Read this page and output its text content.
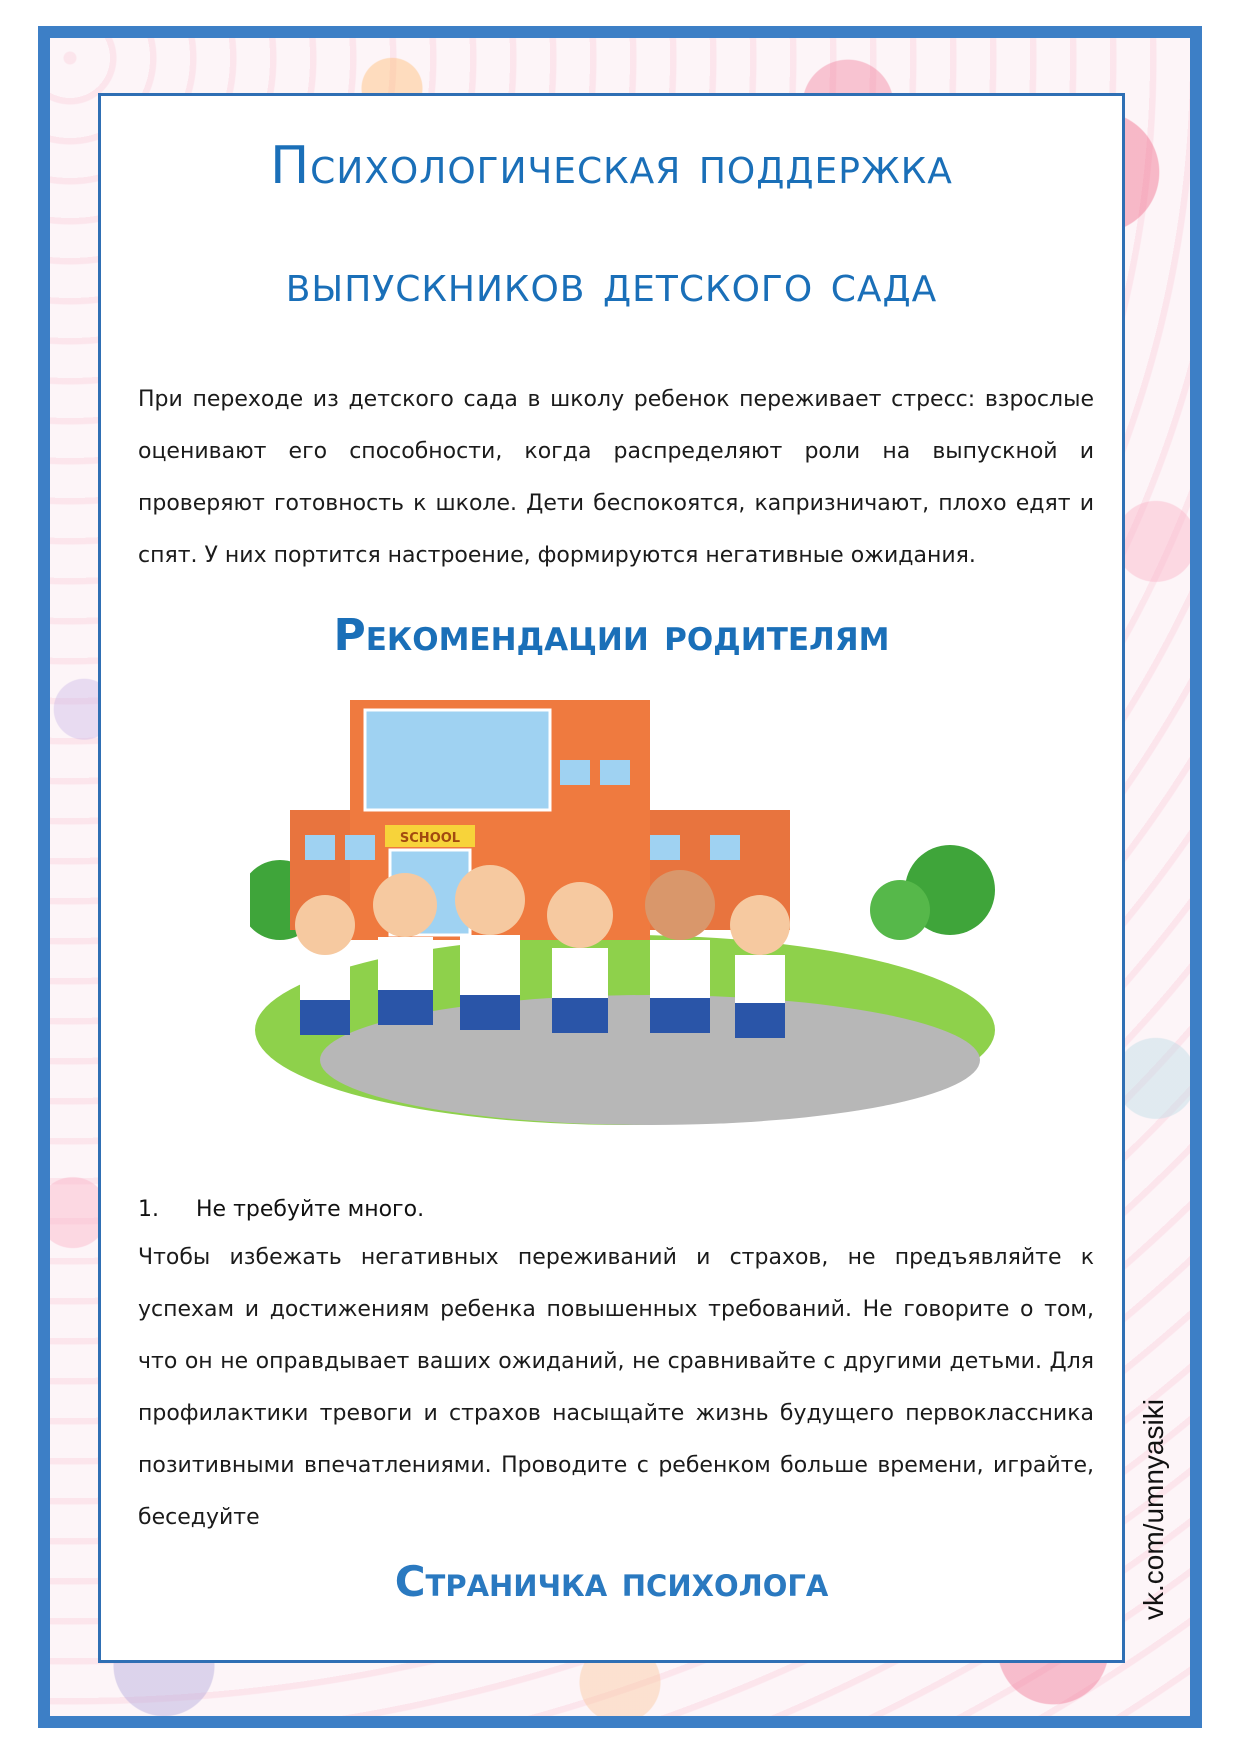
Психологическая поддержка
выпускников детского сада

При переходе из детского сада в школу ребенок переживает стресс: взрослые оценивают его способности, когда распределяют роли на выпускной и проверяют готовность к школе. Дети беспокоятся, капризничают, плохо едят и спят. У них портится настроение, формируются негативные ожидания.

Рекомендации родителям
SCHOOL

1. Не требуйте много.

Чтобы избежать негативных переживаний и страхов, не предъявляйте к успехам и достижениям ребенка повышенных требований. Не говорите о том, что он не оправдывает ваших ожиданий, не сравнивайте с другими детьми. Для профилактики тревоги и страхов насыщайте жизнь будущего первоклассника позитивными впечатлениями. Проводите с ребенком больше времени, играйте, беседуйте

Страничка психолога	vk.com/umnyasiki
